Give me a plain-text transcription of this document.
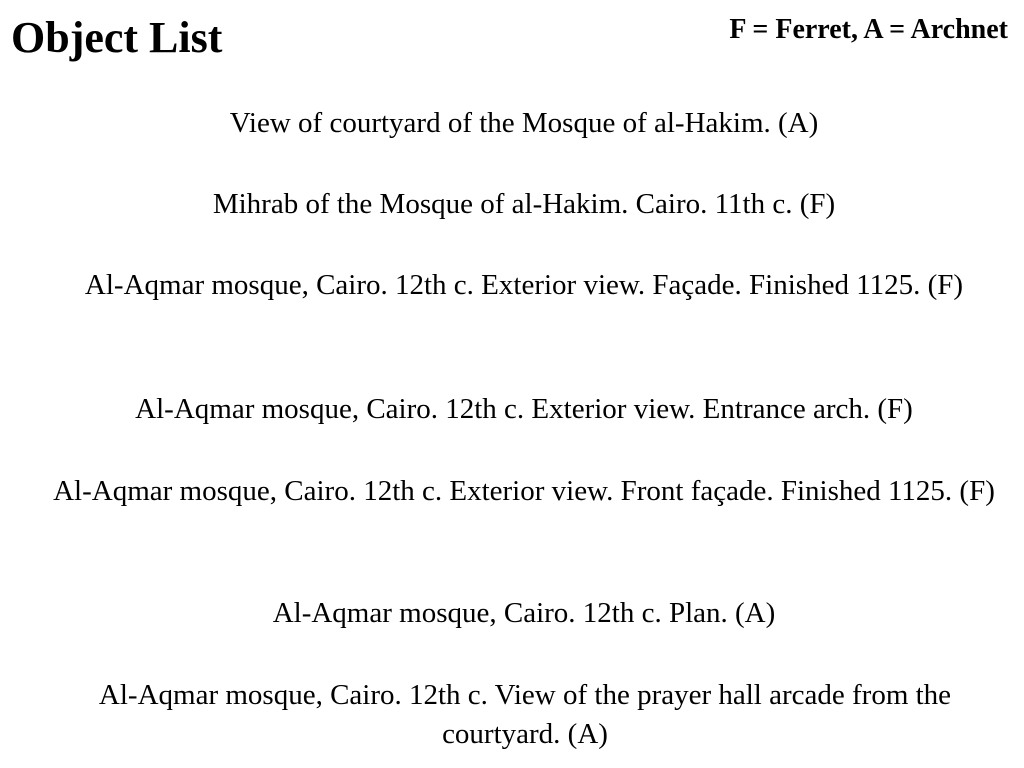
Object List	F = Ferret, A = Archnet
View of courtyard of the Mosque of al-Hakim. (A)
Mihrab of the Mosque of al-Hakim. Cairo. 11th c. (F)
Al-Aqmar mosque, Cairo. 12th c. Exterior view. Façade. Finished 1125. (F)
Al-Aqmar mosque, Cairo. 12th c. Exterior view. Entrance arch. (F)
Al-Aqmar mosque, Cairo. 12th c. Exterior view. Front façade. Finished 1125. (F)
Al-Aqmar mosque, Cairo. 12th c. Plan. (A)
Al-Aqmar mosque, Cairo. 12th c. View of the prayer hall arcade from the courtyard. (A)
